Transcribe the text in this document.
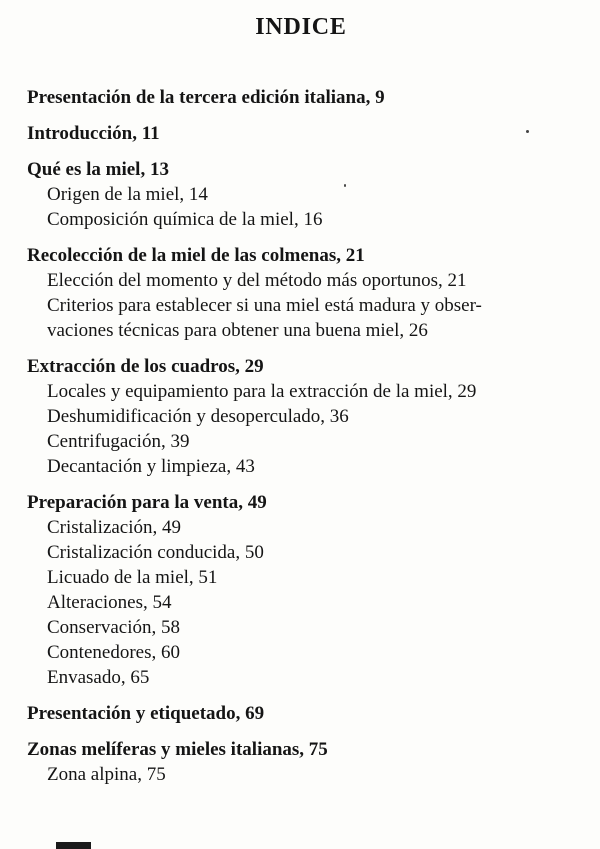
INDICE
Presentación de la tercera edición italiana, 9
Introducción, 11
Qué es la miel, 13
Origen de la miel, 14
Composición química de la miel, 16
Recolección de la miel de las colmenas, 21
Elección del momento y del método más oportunos, 21
Criterios para establecer si una miel está madura y obser-
vaciones técnicas para obtener una buena miel, 26
Extracción de los cuadros, 29
Locales y equipamiento para la extracción de la miel, 29
Deshumidificación y desoperculado, 36
Centrifugación, 39
Decantación y limpieza, 43
Preparación para la venta, 49
Cristalización, 49
Cristalización conducida, 50
Licuado de la miel, 51
Alteraciones, 54
Conservación, 58
Contenedores, 60
Envasado, 65
Presentación y etiquetado, 69
Zonas melíferas y mieles italianas, 75
Zona alpina, 75
